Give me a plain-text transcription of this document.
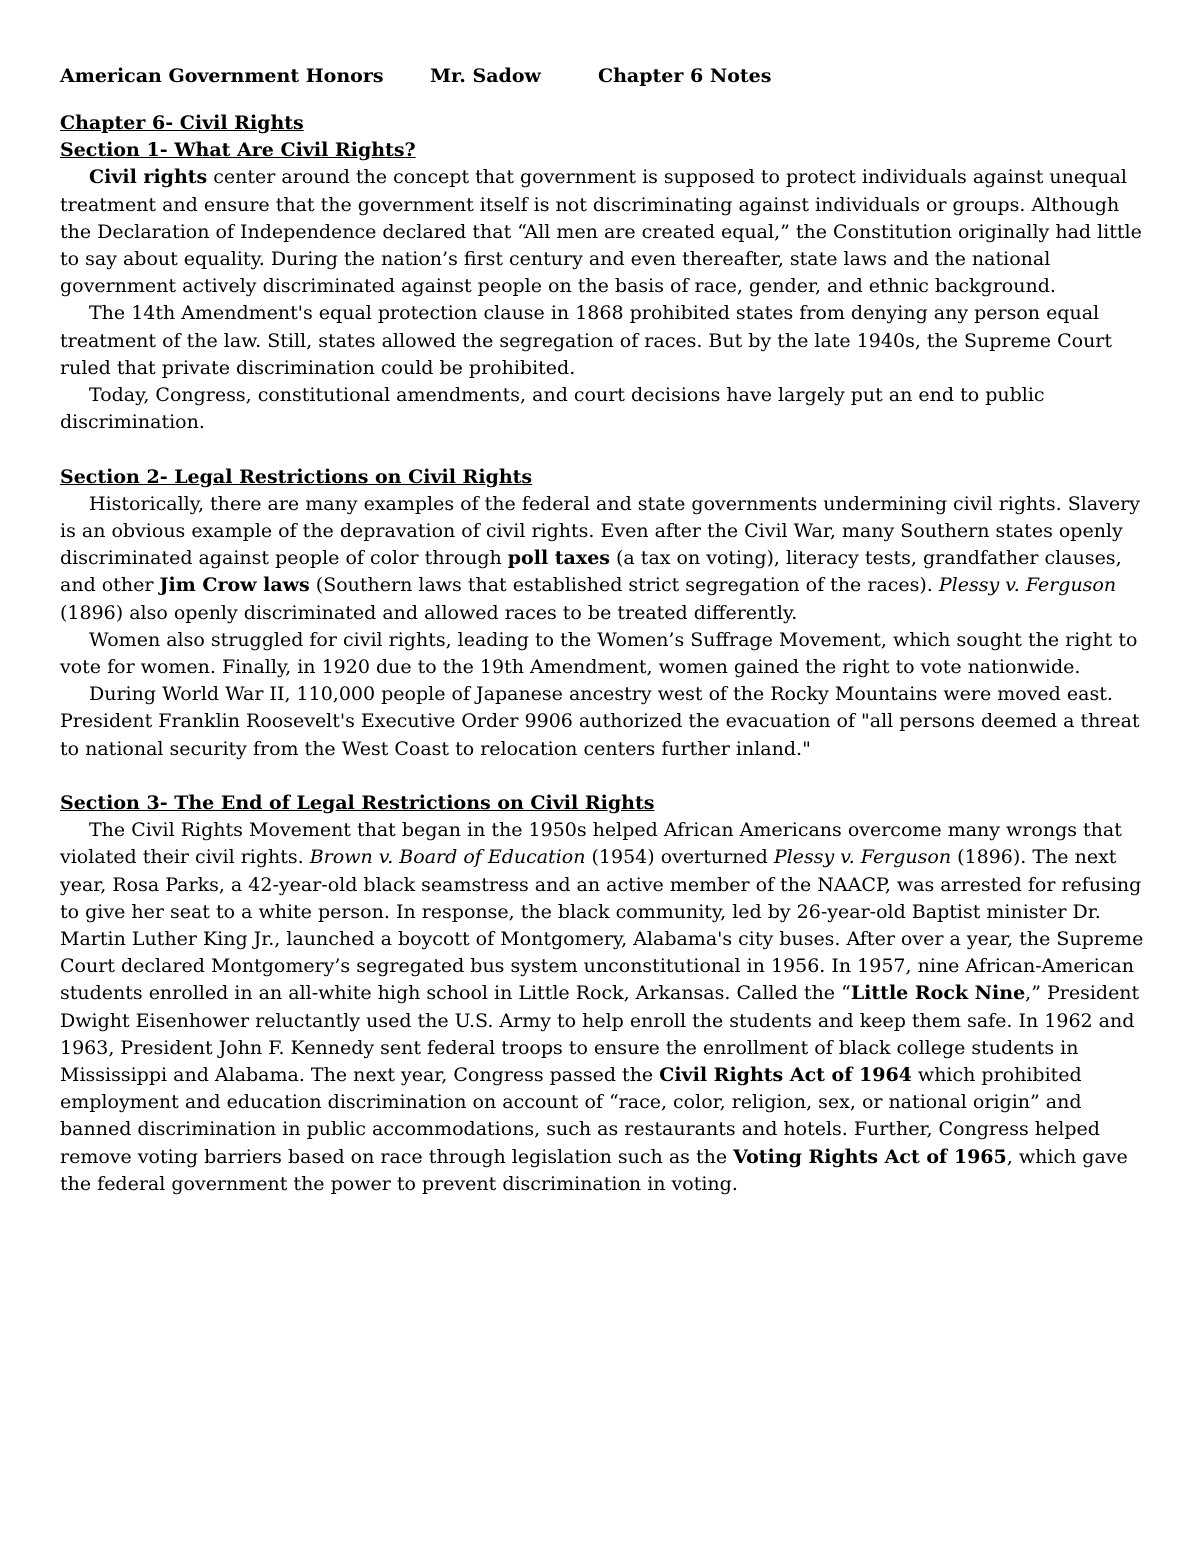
American Government Honors Mr. Sadow	Chapter 6 Notes
Chapter 6- Civil Rights
Section 1- What Are Civil Rights?

Civil rights center around the concept that government is supposed to protect individuals against unequal treatment and ensure that the government itself is not discriminating against individuals or groups. Although the Declaration of Independence declared that “All men are created equal,” the Constitution originally had little to say about equality. During the nation’s first century and even thereafter, state laws and the national government actively discriminated against people on the basis of race, gender, and ethnic background.

The 14th Amendment's equal protection clause in 1868 prohibited states from denying any person equal treatment of the law. Still, states allowed the segregation of races. But by the late 1940s, the Supreme Court ruled that private discrimination could be prohibited.

Today, Congress, constitutional amendments, and court decisions have largely put an end to public discrimination.

Section 2- Legal Restrictions on Civil Rights

Historically, there are many examples of the federal and state governments undermining civil rights. Slavery is an obvious example of the depravation of civil rights. Even after the Civil War, many Southern states openly discriminated against people of color through poll taxes (a tax on voting), literacy tests, grandfather clauses, and other Jim Crow laws (Southern laws that established strict segregation of the races). Plessy v. Ferguson (1896) also openly discriminated and allowed races to be treated differently.

Women also struggled for civil rights, leading to the Women’s Suffrage Movement, which sought the right to vote for women. Finally, in 1920 due to the 19th Amendment, women gained the right to vote nationwide.

During World War II, 110,000 people of Japanese ancestry west of the Rocky Mountains were moved east. President Franklin Roosevelt's Executive Order 9906 authorized the evacuation of "all persons deemed a threat to national security from the West Coast to relocation centers further inland."

Section 3- The End of Legal Restrictions on Civil Rights

The Civil Rights Movement that began in the 1950s helped African Americans overcome many wrongs that violated their civil rights. Brown v. Board of Education (1954) overturned Plessy v. Ferguson (1896). The next year, Rosa Parks, a 42-year-old black seamstress and an active member of the NAACP, was arrested for refusing to give her seat to a white person. In response, the black community, led by 26-year-old Baptist minister Dr. Martin Luther King Jr., launched a boycott of Montgomery, Alabama's city buses. After over a year, the Supreme Court declared Montgomery’s segregated bus system unconstitutional in 1956. In 1957, nine African-American students enrolled in an all-white high school in Little Rock, Arkansas. Called the “Little Rock Nine,” President Dwight Eisenhower reluctantly used the U.S. Army to help enroll the students and keep them safe. In 1962 and 1963, President John F. Kennedy sent federal troops to ensure the enrollment of black college students in Mississippi and Alabama. The next year, Congress passed the Civil Rights Act of 1964 which prohibited employment and education discrimination on account of “race, color, religion, sex, or national origin” and banned discrimination in public accommodations, such as restaurants and hotels. Further, Congress helped remove voting barriers based on race through legislation such as the Voting Rights Act of 1965, which gave the federal government the power to prevent discrimination in voting.
